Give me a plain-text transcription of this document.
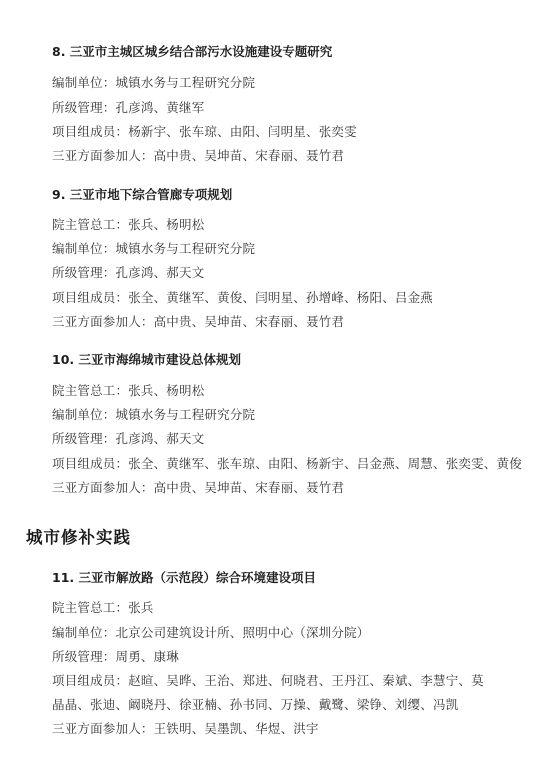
8. 三亚市主城区城乡结合部污水设施建设专题研究
编制单位：城镇水务与工程研究分院
所级管理：孔彦鸿、黄继军
项目组成员：杨新宇、张车琼、由阳、闫明星、张奕雯
三亚方面参加人：高中贵、吴坤苗、宋春丽、聂竹君
9. 三亚市地下综合管廊专项规划
院主管总工：张兵、杨明松
编制单位：城镇水务与工程研究分院
所级管理：孔彦鸿、郝天文
项目组成员：张全、黄继军、黄俊、闫明星、孙增峰、杨阳、吕金燕
三亚方面参加人：高中贵、吴坤苗、宋春丽、聂竹君
10. 三亚市海绵城市建设总体规划
院主管总工：张兵、杨明松
编制单位：城镇水务与工程研究分院
所级管理：孔彦鸿、郝天文
项目组成员：张全、黄继军、张车琼、由阳、杨新宇、吕金燕、周慧、张奕雯、黄俊
三亚方面参加人：高中贵、吴坤苗、宋春丽、聂竹君
城市修补实践
11. 三亚市解放路（示范段）综合环境建设项目
院主管总工：张兵
编制单位：北京公司建筑设计所、照明中心（深圳分院）
所级管理：周勇、康琳
项目组成员：赵暄、吴晔、王治、郑进、何晓君、王丹江、秦斌、李慧宁、莫
晶晶、张迪、阚晓丹、徐亚楠、孙书同、万操、戴鹭、梁铮、刘缨、冯凯
三亚方面参加人：王铁明、吴墨凯、华煜、洪宇
